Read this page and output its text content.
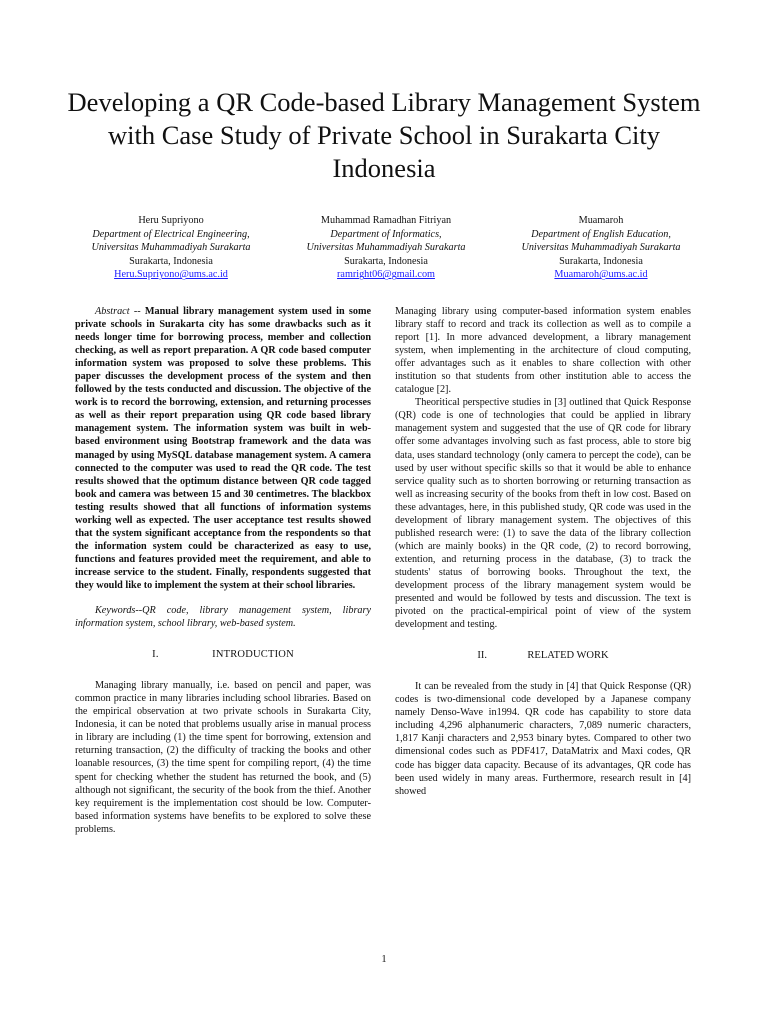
Developing a QR Code-based Library Management System with Case Study of Private School in Surakarta City Indonesia
Heru Supriyono
Department of Electrical Engineering,
Universitas Muhammadiyah Surakarta
Surakarta, Indonesia
Heru.Supriyono@ums.ac.id
Muhammad Ramadhan Fitriyan
Department of Informatics,
Universitas Muhammadiyah Surakarta
Surakarta, Indonesia
ramright06@gmail.com
Muamaroh
Department of English Education,
Universitas Muhammadiyah Surakarta
Surakarta, Indonesia
Muamaroh@ums.ac.id

Abstract -- Manual library management system used in some private schools in Surakarta city has some drawbacks such as it needs longer time for borrowing process, member and collection checking, as well as report preparation. A QR code based computer information system was proposed to solve these problems. This paper discusses the development process of the system and then followed by the tests conducted and discussion. The objective of the work is to record the borrowing, extension, and returning processes as well as their report preparation using QR code based library management system. The information system was built in web-based environment using Bootstrap framework and the data was managed by using MySQL database management system. A camera connected to the computer was used to read the QR code. The test results showed that the optimum distance between QR code tagged book and camera was between 15 and 30 centimetres. The blackbox testing results showed that all functions of information systems working well as expected. The user acceptance test results showed that the system significant acceptance from the respondents so that the information system could be characterized as easy to use, functions and features provided meet the requirement, and able to increase service to the student. Finally, respondents suggested that they would like to implement the system at their school libraries.

Keywords--QR code, library management system, library information system, school library, web-based system.

I.	INTRODUCTION

Managing library manually, i.e. based on pencil and paper, was common practice in many libraries including school libraries. Based on the empirical observation at two private schools in Surakarta City, Indonesia, it can be noted that problems usually arise in manual process in library are including (1) the time spent for borrowing, extension and returning transaction, (2) the difficulty of tracking the books and other loanable resources, (3) the time spent for compiling report, (4) the time spent for checking whether the student has returned the book, and (5) although not significant, the security of the book from the thief. Another key requirement is the implementation cost should be low. Computer-based information systems have benefits to be explored to solve these problems.

Managing library using computer-based information system enables library staff to record and track its collection as well as to compile a report [1]. In more advanced development, a library management system, when implementing in the architecture of cloud computing, offer advantages such as it enables to share collection with other institution so that students from other institution able to access the catalogue [2].

Theoritical perspective studies in [3] outlined that Quick Response (QR) code is one of technologies that could be applied in library management system and suggested that the use of QR code for library offer some advantages involving such as fast process, able to store big data, uses standard technology (only camera to percept the code), can be used by user without specific skills so that it would be able to enhance service quality such as to shorten borrowing or returning transaction as well as increasing security of the books from theft in low cost. Based on these advantages, here, in this published study, QR code was used in the development of library management system. The objectives of this published research were: (1) to save the data of the library collection (which are mainly books) in the QR code, (2) to record borrowing, extention, and returning process in the database, (3) to track the students' status of borrowing books. Throughout the text, the development process of the library management system would be presented and would be followed by tests and discussion. The text is pivoted on the practical-empirical point of view of the system development and testing.

II.	RELATED WORK

It can be revealed from the study in [4] that Quick Response (QR) codes is two-dimensional code developed by a Japanese company namely Denso-Wave in1994. QR code has capability to store data including 4,296 alphanumeric characters, 7,089 numeric characters, 1,817 Kanji characters and 2,953 binary bytes. Compared to other two dimensional codes such as PDF417, DataMatrix and Maxi codes, QR code has bigger data capacity. Because of its advantages, QR code has been used widely in many areas. Furthermore, research result in [4] showed

1
